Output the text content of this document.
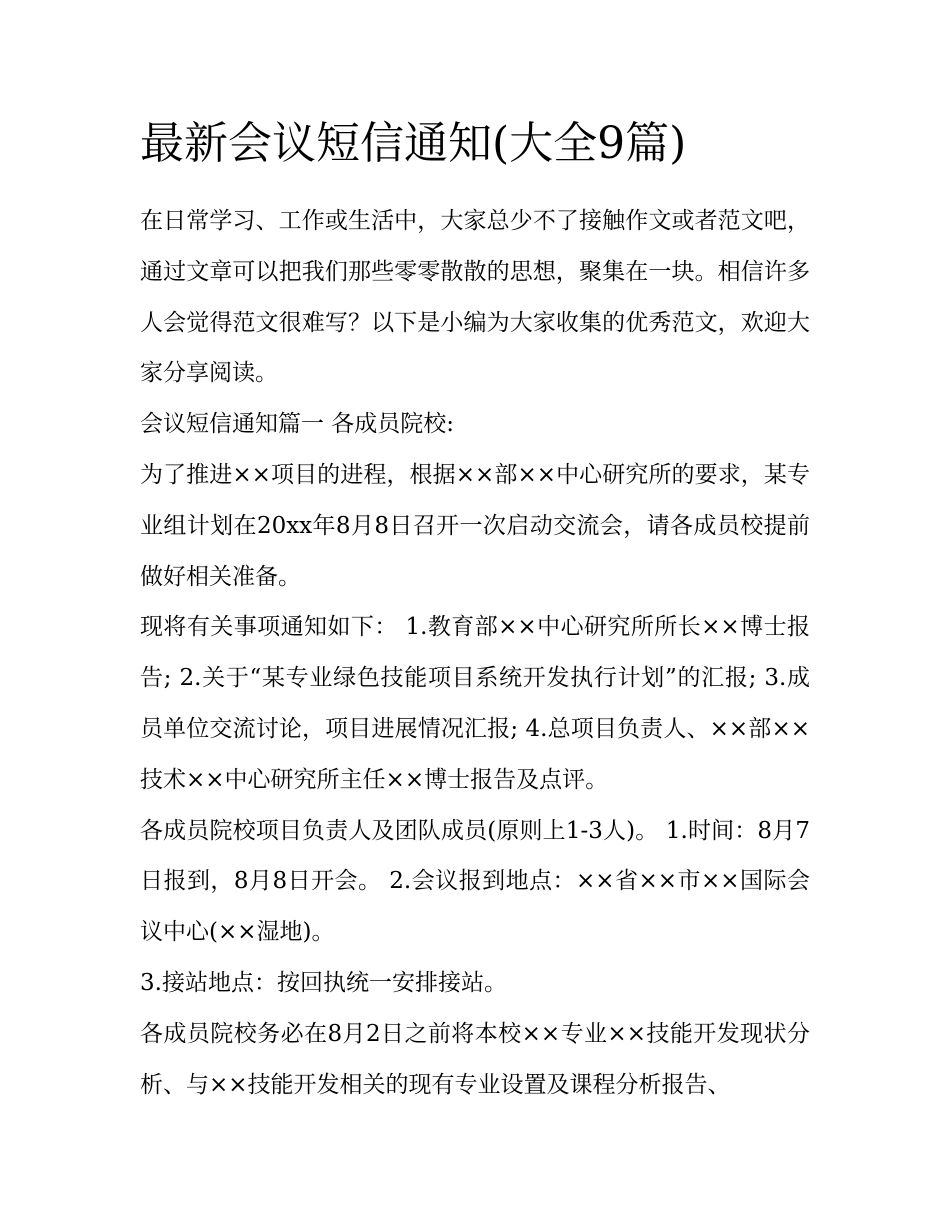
最新会议短信通知(大全9篇)

在日常学习、工作或生活中，大家总少不了接触作文或者范文吧，通过文章可以把我们那些零零散散的思想，聚集在一块。相信许多人会觉得范文很难写？以下是小编为大家收集的优秀范文，欢迎大家分享阅读。

会议短信通知篇一 各成员院校:

为了推进××项目的进程，根据××部××中心研究所的要求，某专业组计划在20xx年8月8日召开一次启动交流会，请各成员校提前做好相关准备。

现将有关事项通知如下： 1.教育部××中心研究所所长××博士报告; 2.关于“某专业绿色技能项目系统开发执行计划”的汇报; 3.成员单位交流讨论，项目进展情况汇报; 4.总项目负责人、××部××技术××中心研究所主任××博士报告及点评。

各成员院校项目负责人及团队成员(原则上1-3人)。 1.时间：8月7日报到，8月8日开会。 2.会议报到地点：××省××市××国际会议中心(××湿地)。

3.接站地点：按回执统一安排接站。

各成员院校务必在8月2日之前将本校××专业××技能开发现状分析、与××技能开发相关的现有专业设置及课程分析报告、
